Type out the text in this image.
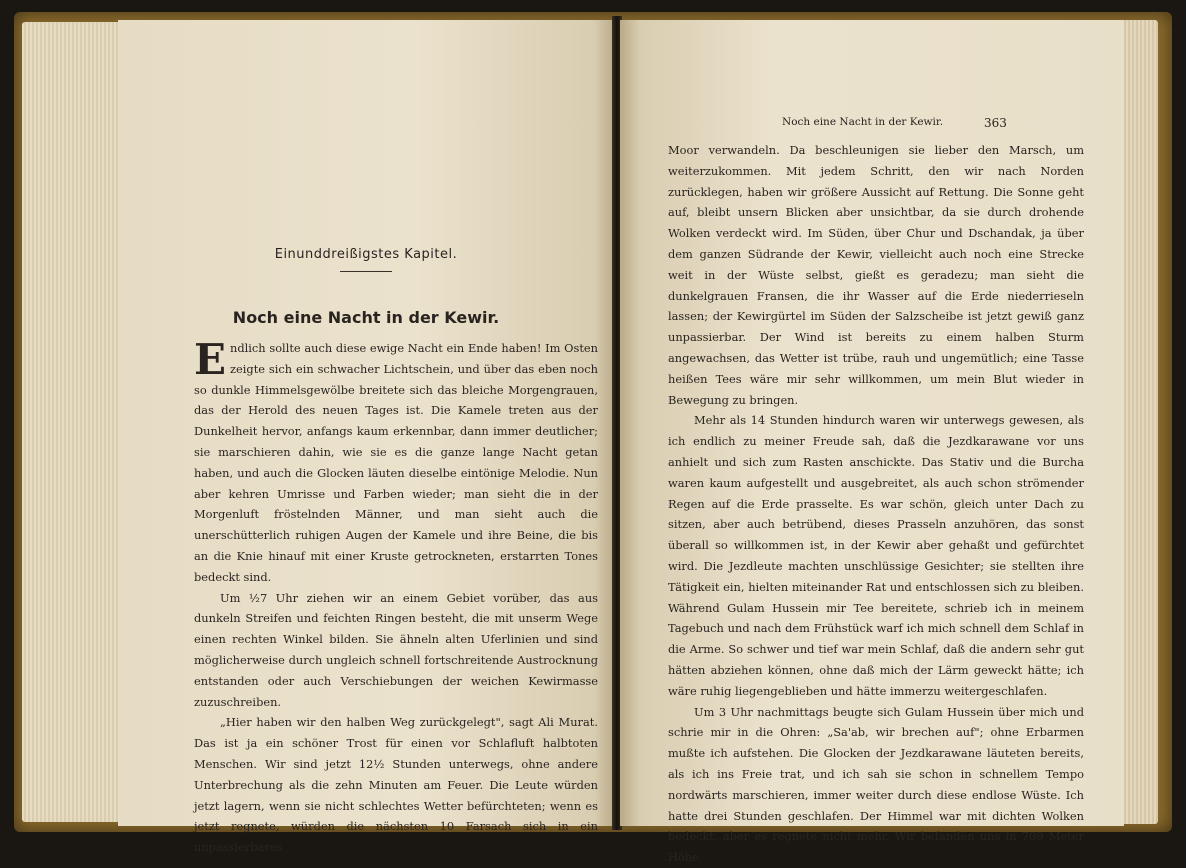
Einunddreißigstes Kapitel.
Noch eine Nacht in der Kewir.

Endlich sollte auch diese ewige Nacht ein Ende haben! Im Osten zeigte sich ein schwacher Lichtschein, und über das eben noch so dunkle Himmelsgewölbe breitete sich das bleiche Morgengrauen, das der Herold des neuen Tages ist. Die Kamele treten aus der Dunkelheit hervor, anfangs kaum erkennbar, dann immer deutlicher; sie marschieren dahin, wie sie es die ganze lange Nacht getan haben, und auch die Glocken läuten dieselbe eintönige Melodie. Nun aber kehren Umrisse und Farben wieder; man sieht die in der Morgenluft fröstelnden Männer, und man sieht auch die unerschütterlich ruhigen Augen der Kamele und ihre Beine, die bis an die Knie hinauf mit einer Kruste getrockneten, erstarrten Tones bedeckt sind.

Um ½7 Uhr ziehen wir an einem Gebiet vorüber, das aus dunkeln Streifen und feichten Ringen besteht, die mit unserm Wege einen rechten Winkel bilden. Sie ähneln alten Uferlinien und sind möglicherweise durch ungleich schnell fortschreitende Austrocknung entstanden oder auch Verschiebungen der weichen Kewirmasse zuzuschreiben.

„Hier haben wir den halben Weg zurückgelegt", sagt Ali Murat. Das ist ja ein schöner Trost für einen vor Schlafluft halbtoten Menschen. Wir sind jetzt 12½ Stunden unterwegs, ohne andere Unterbrechung als die zehn Minuten am Feuer. Die Leute würden jetzt lagern, wenn sie nicht schlechtes Wetter befürchteten; wenn es jetzt regnete, würden die nächsten 10 Farsach sich in ein unpassierbares

Noch eine Nacht in der Kewir.	363

Moor verwandeln. Da beschleunigen sie lieber den Marsch, um weiterzukommen. Mit jedem Schritt, den wir nach Norden zurücklegen, haben wir größere Aussicht auf Rettung. Die Sonne geht auf, bleibt unsern Blicken aber unsichtbar, da sie durch drohende Wolken verdeckt wird. Im Süden, über Chur und Dschandak, ja über dem ganzen Südrande der Kewir, vielleicht auch noch eine Strecke weit in der Wüste selbst, gießt es geradezu; man sieht die dunkelgrauen Fransen, die ihr Wasser auf die Erde niederrieseln lassen; der Kewirgürtel im Süden der Salzscheibe ist jetzt gewiß ganz unpassierbar. Der Wind ist bereits zu einem halben Sturm angewachsen, das Wetter ist trübe, rauh und ungemütlich; eine Tasse heißen Tees wäre mir sehr willkommen, um mein Blut wieder in Bewegung zu bringen.

Mehr als 14 Stunden hindurch waren wir unterwegs gewesen, als ich endlich zu meiner Freude sah, daß die Jezdkarawane vor uns anhielt und sich zum Rasten anschickte. Das Stativ und die Burcha waren kaum aufgestellt und ausgebreitet, als auch schon strömender Regen auf die Erde prasselte. Es war schön, gleich unter Dach zu sitzen, aber auch betrübend, dieses Prasseln anzuhören, das sonst überall so willkommen ist, in der Kewir aber gehaßt und gefürchtet wird. Die Jezdleute machten unschlüssige Gesichter; sie stellten ihre Tätigkeit ein, hielten miteinander Rat und entschlossen sich zu bleiben. Während Gulam Hussein mir Tee bereitete, schrieb ich in meinem Tagebuch und nach dem Frühstück warf ich mich schnell dem Schlaf in die Arme. So schwer und tief war mein Schlaf, daß die andern sehr gut hätten abziehen können, ohne daß mich der Lärm geweckt hätte; ich wäre ruhig liegengeblieben und hätte immerzu weitergeschlafen.

Um 3 Uhr nachmittags beugte sich Gulam Hussein über mich und schrie mir in die Ohren: „Sa'ab, wir brechen auf"; ohne Erbarmen mußte ich aufstehen. Die Glocken der Jezdkarawane läuteten bereits, als ich ins Freie trat, und ich sah sie schon in schnellem Tempo nordwärts marschieren, immer weiter durch diese endlose Wüste. Ich hatte drei Stunden geschlafen. Der Himmel war mit dichten Wolken bedeckt, aber es regnete nicht mehr. Wir befanden uns in 709 Meter Höhe.
